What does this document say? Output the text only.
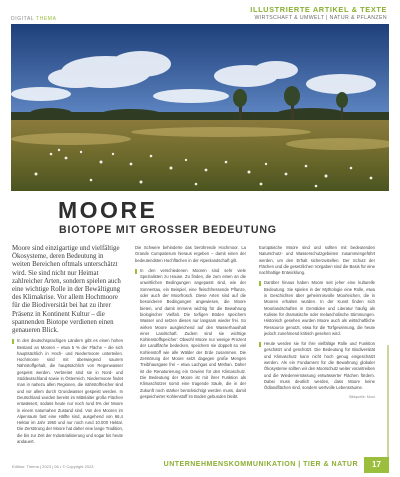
DIGITAL THEMA
ILLUSTRIERTE ARTIKEL & TEXTE
WIRTSCHAFT & UMWELT | NATUR & PFLANZEN
MOORE
BIOTOPE MIT GROSSER BEDEUTUNG

Moore sind einzigartige und vielfältige Ökosysteme, deren Bedeutung in weiten Bereichen oftmals unterschätzt wird. Sie sind nicht nur Heimat zahlreicher Arten, sondern spielen auch eine wichtige Rolle in der Bewältigung des Klimakrise. Vor allem Hochmoore für die Biodiversität bei hat zu ihrer Präsenz in Kontinent Kultur – die spannenden Biotope verdienen einen genaueren Blick.

In den deutschsprachigen Ländern gibt es einen hohen Bestand an Mooren – etwa 5 % der Fläche – die sich hauptsächlich in Hoch- und Niedermoore unterteilen. Hochmoore sind mit überwiegend saurem Nährstoffgehalt, die hauptsächlich von Regenwasser gespeist werden. Verbreitet sind sie in Nord- und Süddeutschland sowie in Österreich, Niedermoore findet man in nahezu allen Regionen, die nährstoffreicher sind und vor allem durch Grundwasser gespeist werden. In Deutschland wurden bereits im Mittelalter große Flächen entwässert, sodass heute nur noch rund 5% der Moore in einem naturnahen Zustand sind. Von den Mooren im Alpenraum fast eine Hälfte sind, ausgehend von 66,4 Hektar im Jahr 1950 und nur noch rund 10.000 Hektar. Die Zerstörung der Moore hat daher eine lange Tradition, die bis zur Zeit der Industrialisierung und sogar bis heute andauert.

Die Schwere behinderte das berührende Hochmoor. La Grande Cumpatierum hieraus ergeben – damit einen der bedeutendsten Hochflächen in der Alpenlandschaft gilt.

In den verschiedenen Mooren sind sehr viele Spezialisten zu Hause. Zu finden, die zum einen an die unwirtlichen Bedingungen angepasst sind, wie der Sonnentau, ein Beispiel, eine fleischfressende Pflanze, oder auch der Moorfrosch. Diese Arten sind auf die besonderen Bedingungen angewiesen, die Moore bieten, und damit immens wichtig für die Bewahrung biologischer Vielfalt. Die torfigen Böden speichern Wasser und setzen dieses nur langsam wieder frei. So wirken Moore ausgleichend auf den Wasserhaushalt einer Landschaft. Zudem sind sie wichtige Kohlenstoffspeicher: Obwohl Moore nur wenige Prozent der Landfläche bedecken, speichern sie doppelt so viel Kohlenstoff wie alle Wälder der Erde zusammen. Die Zerstörung der Moore setzt dagegen große Mengen Treibhausgase frei – etwa Lachgas und Methan. Daher ist die Renaturierung ein Gewinn für den Klimaschutz. Die Bedeutung der Moore ist mit ihrer Funktion als Klimaschützer somit eine tragende Säule, die in der Zukunft noch stärker berücksichtigt werden muss, damit gespeicherter Kohlenstoff im Boden gebunden bleibt.

Europäische Moore sind und sollten mit bedeutenden Naturschutz- und Wasserschutzgebieten zusammengeführt werden, um den Erhalt sicherzustellen. Der Schutz der Flächen und die gesetzlichen Vorgaben sind die Basis für eine nachhaltige Entwicklung.

Darüber hinaus haben Moore seit jeher eine kulturelle Bedeutung. Sie spielen in der Mythologie eine Rolle, etwa in Geschichten über geheimnisvolle Moorleichen, die in Mooren erhalten wurden. In der Kunst finden sich Moorlandschaften in Gemälden und Literatur häufig als Kulisse für dramatische oder melancholische Stimmungen. Historisch gesehen wurden Moore auch als wirtschaftliche Ressource genutzt, etwa für die Torfgewinnung, die heute jedoch zunehmend kritisch gesehen wird.

Heute werden sie für ihre vielfältige Rolle und Funktion geschätzt und geschützt. Die Bedeutung für Biodiversität und Klimaschutz kann nicht hoch genug eingeschätzt werden. Als ein Fundament für die Bewahrung globaler Ökosysteme sollten wir den Moorschutz weiter vorantreiben und die Wiedervernässung entwässerter Flächen fördern. Dabei muss deutlich werden, dass Moore keine Ödlandflächen sind, sondern wertvolle Lebensräume.

Bildquelle: Moor
Edition: Thema | 2023 | 06 • © Copyright 2023	UNTERNEHMENSKOMMUNIKATION | TIER & NATUR	17
